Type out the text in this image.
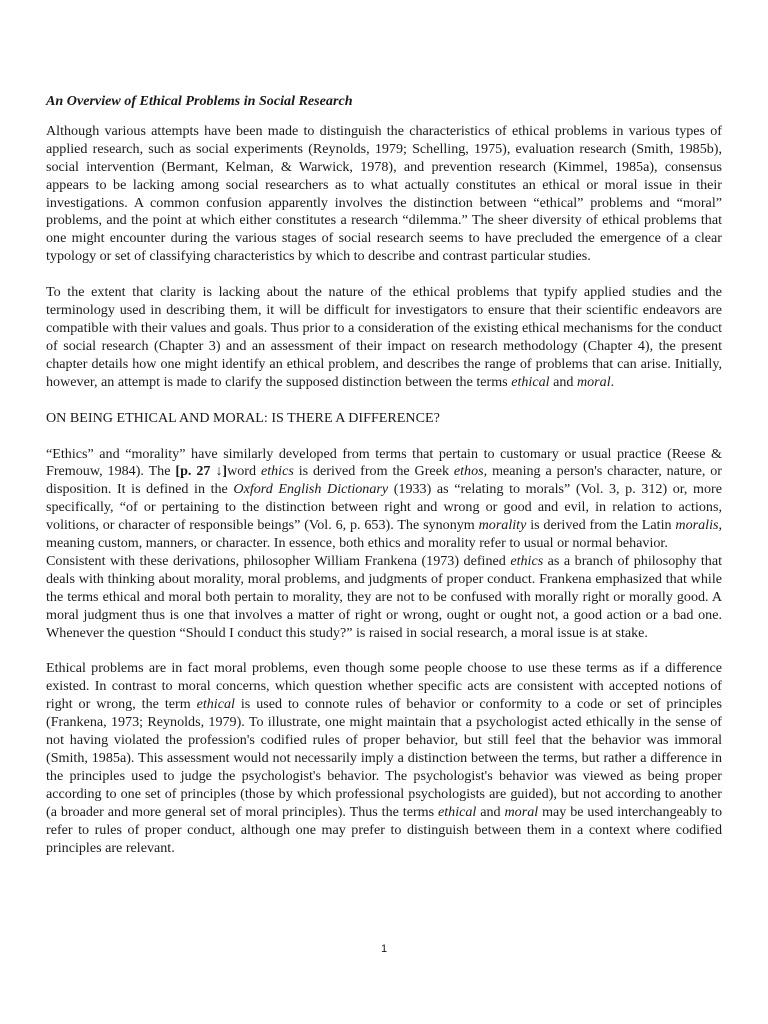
An Overview of Ethical Problems in Social Research

Although various attempts have been made to distinguish the characteristics of ethical problems in various types of applied research, such as social experiments (Reynolds, 1979; Schelling, 1975), evaluation research (Smith, 1985b), social intervention (Bermant, Kelman, & Warwick, 1978), and prevention research (Kimmel, 1985a), consensus appears to be lacking among social researchers as to what actually constitutes an ethical or moral issue in their investigations. A common confusion apparently involves the distinction between “ethical” problems and “moral” problems, and the point at which either constitutes a research “dilemma.” The sheer diversity of ethical problems that one might encounter during the various stages of social research seems to have precluded the emergence of a clear typology or set of classifying characteristics by which to describe and contrast particular studies.

To the extent that clarity is lacking about the nature of the ethical problems that typify applied studies and the terminology used in describing them, it will be difficult for investigators to ensure that their scientific endeavors are compatible with their values and goals. Thus prior to a consideration of the existing ethical mechanisms for the conduct of social research (Chapter 3) and an assessment of their impact on research methodology (Chapter 4), the present chapter details how one might identify an ethical problem, and describes the range of problems that can arise. Initially, however, an attempt is made to clarify the supposed distinction between the terms ethical and moral.

ON BEING ETHICAL AND MORAL: IS THERE A DIFFERENCE?

“Ethics” and “morality” have similarly developed from terms that pertain to customary or usual practice (Reese & Fremouw, 1984). The [p. 27 ↓]word ethics is derived from the Greek ethos, meaning a person's character, nature, or disposition. It is defined in the Oxford English Dictionary (1933) as “relating to morals” (Vol. 3, p. 312) or, more specifically, “of or pertaining to the distinction between right and wrong or good and evil, in relation to actions, volitions, or character of responsible beings” (Vol. 6, p. 653). The synonym morality is derived from the Latin moralis, meaning custom, manners, or character. In essence, both ethics and morality refer to usual or normal behavior.

Consistent with these derivations, philosopher William Frankena (1973) defined ethics as a branch of philosophy that deals with thinking about morality, moral problems, and judgments of proper conduct. Frankena emphasized that while the terms ethical and moral both pertain to morality, they are not to be confused with morally right or morally good. A moral judgment thus is one that involves a matter of right or wrong, ought or ought not, a good action or a bad one. Whenever the question “Should I conduct this study?” is raised in social research, a moral issue is at stake.

Ethical problems are in fact moral problems, even though some people choose to use these terms as if a difference existed. In contrast to moral concerns, which question whether specific acts are consistent with accepted notions of right or wrong, the term ethical is used to connote rules of behavior or conformity to a code or set of principles (Frankena, 1973; Reynolds, 1979). To illustrate, one might maintain that a psychologist acted ethically in the sense of not having violated the profession's codified rules of proper behavior, but still feel that the behavior was immoral (Smith, 1985a). This assessment would not necessarily imply a distinction between the terms, but rather a difference in the principles used to judge the psychologist's behavior. The psychologist's behavior was viewed as being proper according to one set of principles (those by which professional psychologists are guided), but not according to another (a broader and more general set of moral principles). Thus the terms ethical and moral may be used interchangeably to refer to rules of proper conduct, although one may prefer to distinguish between them in a context where codified principles are relevant.

1
